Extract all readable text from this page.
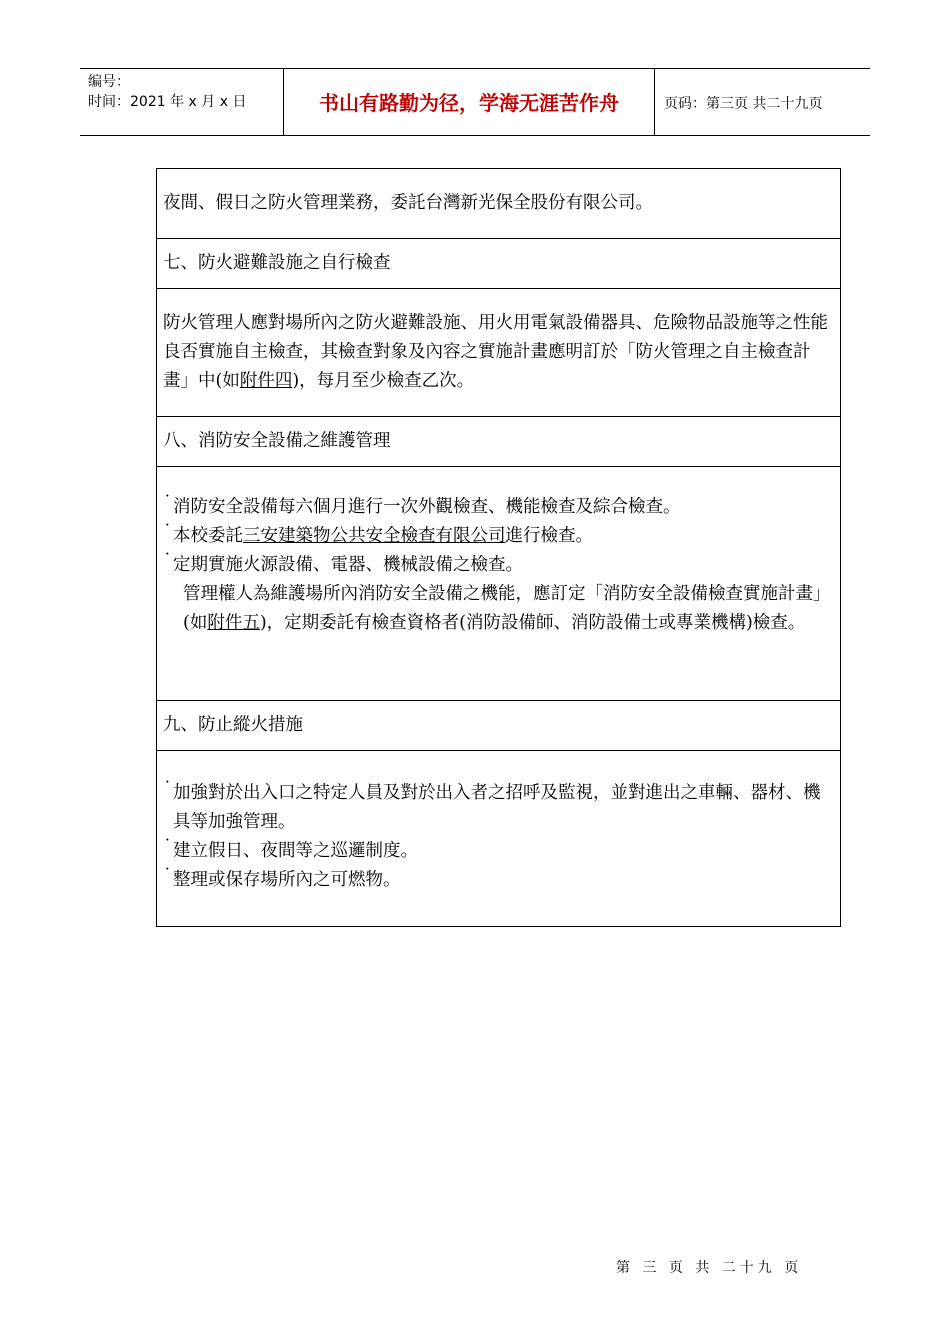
编号：
时间：2021 年 x 月 x 日	书山有路勤为径，学海无涯苦作舟	页码：第三页 共二十九页
夜間、假日之防火管理業務，委託台灣新光保全股份有限公司。
七、防火避難設施之自行檢查
防火管理人應對場所內之防火避難設施、用火用電氣設備器具、危險物品設施等之性能良否實施自主檢查，其檢查對象及內容之實施計畫應明訂於「防火管理之自主檢查計畫」中(如附件四)，每月至少檢查乙次。
八、消防安全設備之維護管理
˙ 消防安全設備每六個月進行一次外觀檢查、機能檢查及綜合檢查。
˙ 本校委託三安建築物公共安全檢查有限公司進行檢查。
˙ 定期實施火源設備、電器、機械設備之檢查。
管理權人為維護場所內消防安全設備之機能，應訂定「消防安全設備檢查實施計畫」(如附件五)，定期委託有檢查資格者(消防設備師、消防設備士或專業機構)檢查。
九、防止縱火措施
˙ 加強對於出入口之特定人員及對於出入者之招呼及監視，並對進出之車輛、器材、機具等加強管理。
˙ 建立假日、夜間等之巡邏制度。
˙ 整理或保存場所內之可燃物。
第 三 页 共 二十九 页
